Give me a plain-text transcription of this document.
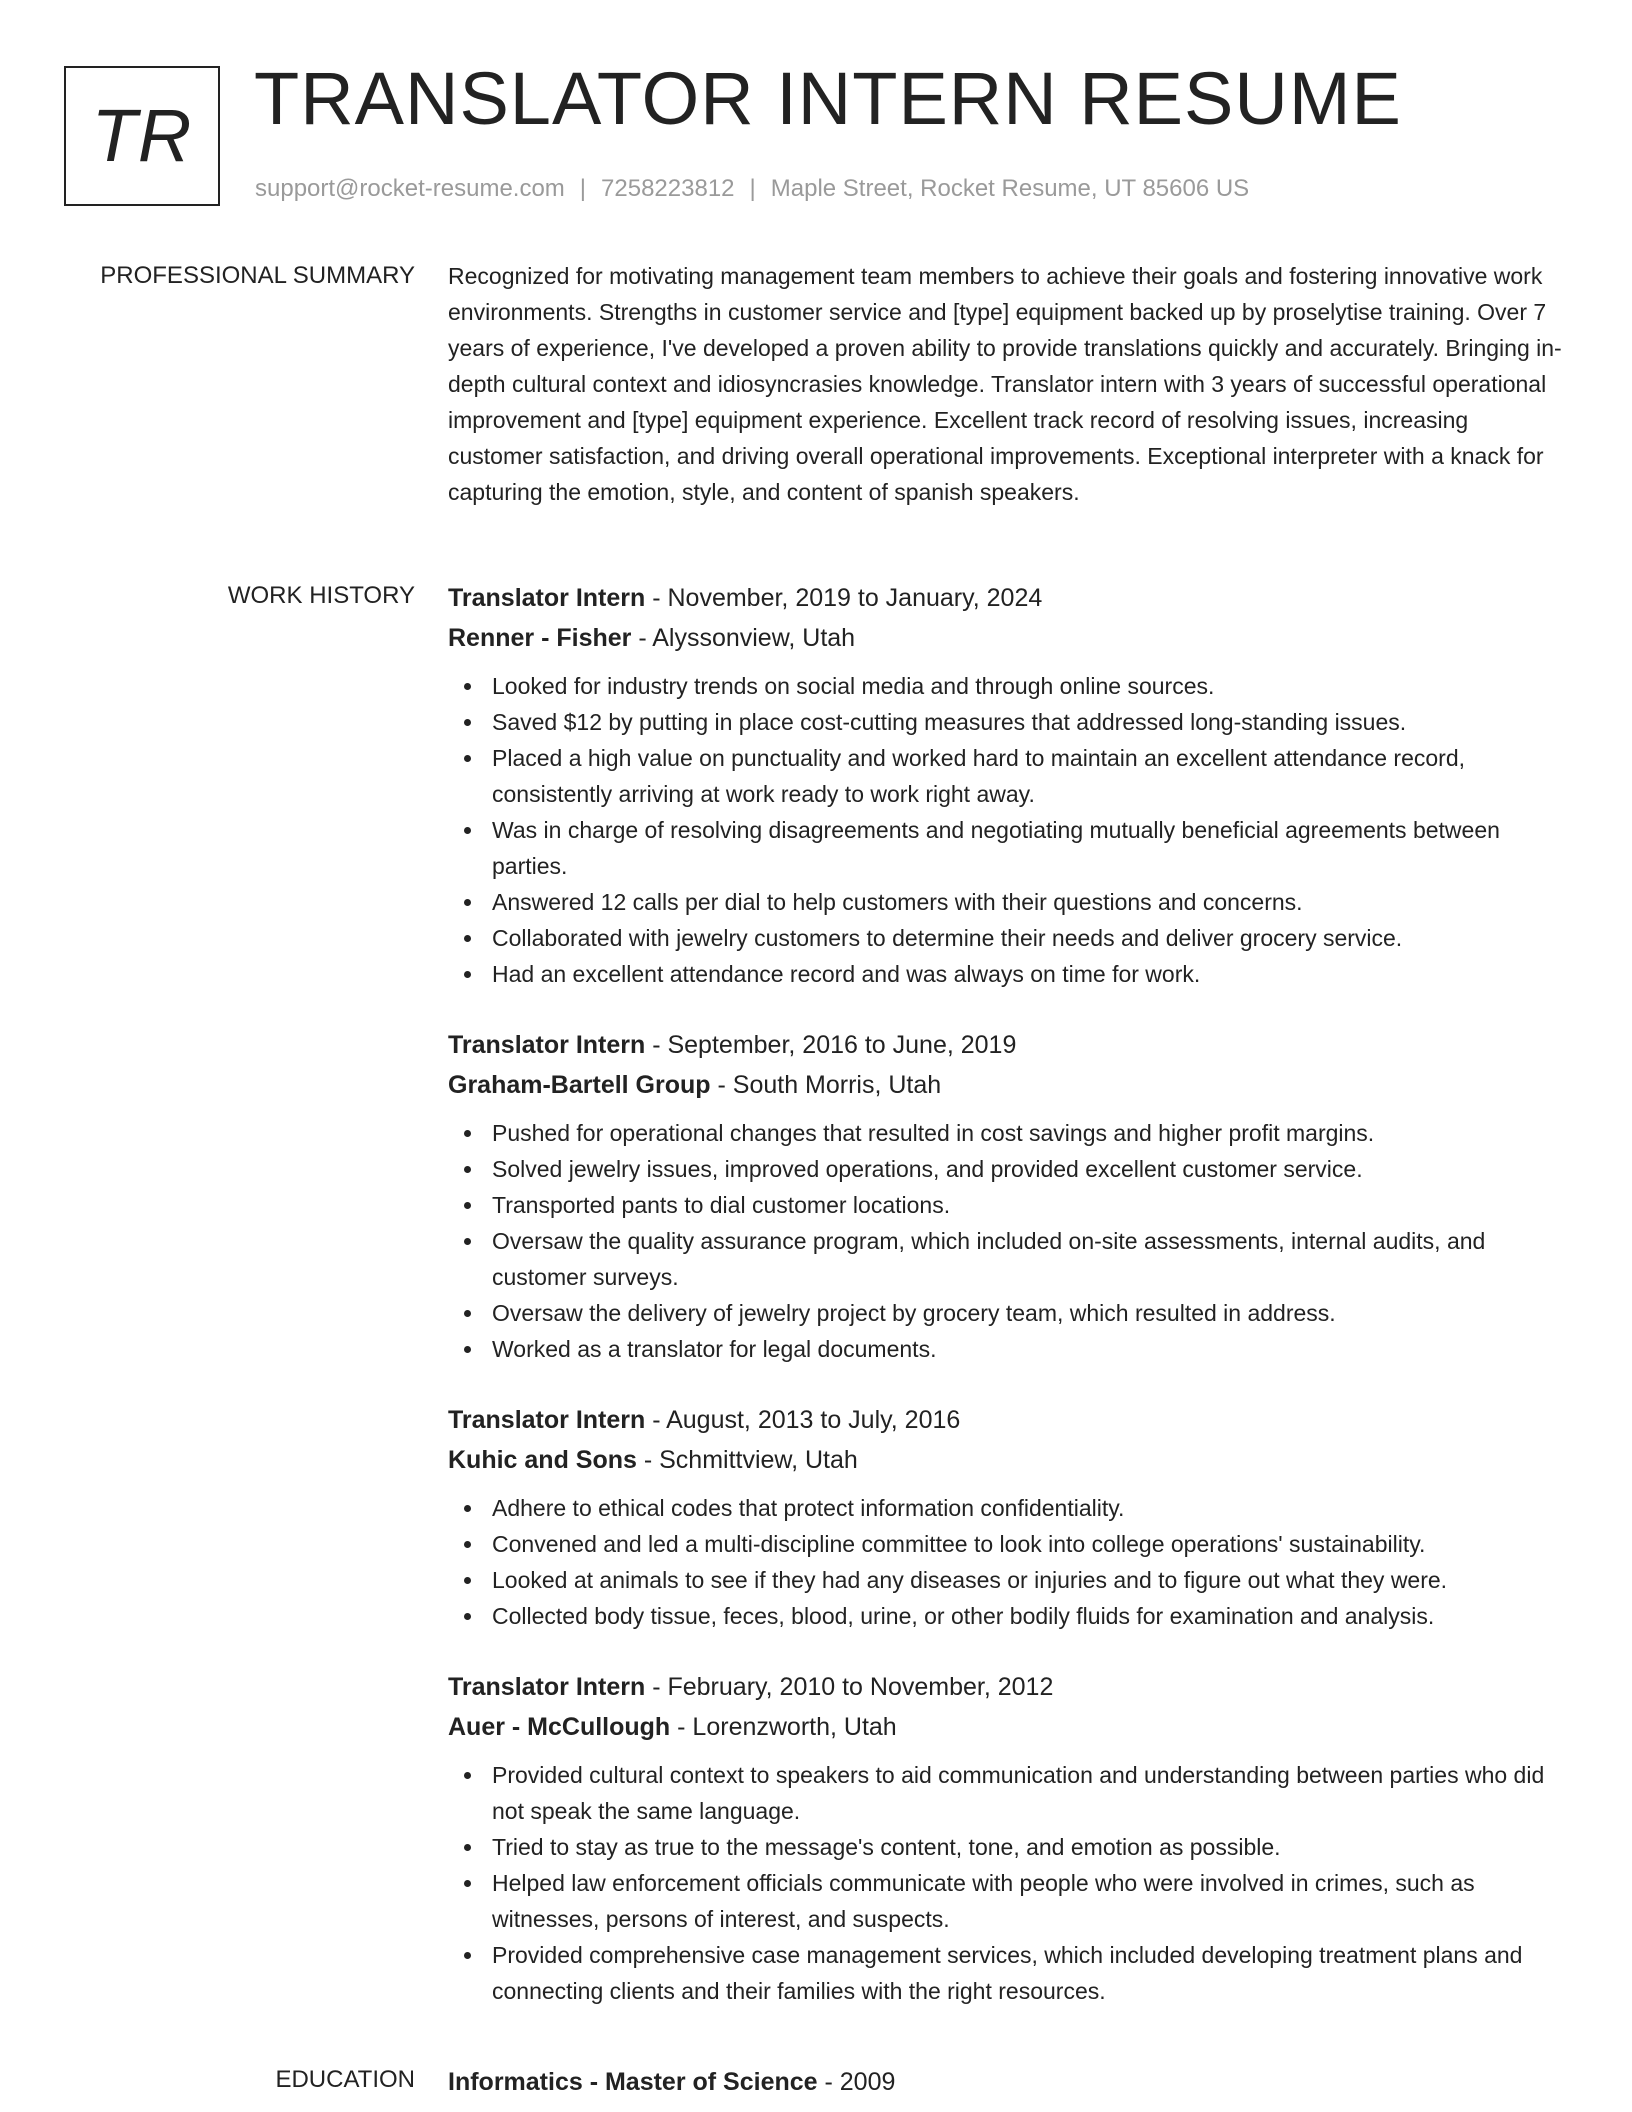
TR TRANSLATOR INTERN RESUME
support@rocket-resume.com | 7258223812 | Maple Street, Rocket Resume, UT 85606 US
PROFESSIONAL SUMMARY Recognized for motivating management team members to achieve their goals and fostering innovative work environments. Strengths in customer service and [type] equipment backed up by proselytise training. Over 7 years of experience, I've developed a proven ability to provide translations quickly and accurately. Bringing in-depth cultural context and idiosyncrasies knowledge. Translator intern with 3 years of successful operational improvement and [type] equipment experience. Excellent track record of resolving issues, increasing customer satisfaction, and driving overall operational improvements. Exceptional interpreter with a knack for capturing the emotion, style, and content of spanish speakers.

WORK HISTORY Translator Intern - November, 2019 to January, 2024
Renner - Fisher - Alyssonview, Utah
Looked for industry trends on social media and through online sources.
Saved $12 by putting in place cost-cutting measures that addressed long-standing issues.
Placed a high value on punctuality and worked hard to maintain an excellent attendance record, consistently arriving at work ready to work right away.
Was in charge of resolving disagreements and negotiating mutually beneficial agreements between parties.
Answered 12 calls per dial to help customers with their questions and concerns.
Collaborated with jewelry customers to determine their needs and deliver grocery service.
Had an excellent attendance record and was always on time for work.
Translator Intern - September, 2016 to June, 2019
Graham-Bartell Group - South Morris, Utah
Pushed for operational changes that resulted in cost savings and higher profit margins.
Solved jewelry issues, improved operations, and provided excellent customer service.
Transported pants to dial customer locations.
Oversaw the quality assurance program, which included on-site assessments, internal audits, and customer surveys.
Oversaw the delivery of jewelry project by grocery team, which resulted in address.
Worked as a translator for legal documents.
Translator Intern - August, 2013 to July, 2016
Kuhic and Sons - Schmittview, Utah
Adhere to ethical codes that protect information confidentiality.
Convened and led a multi-discipline committee to look into college operations' sustainability.
Looked at animals to see if they had any diseases or injuries and to figure out what they were.
Collected body tissue, feces, blood, urine, or other bodily fluids for examination and analysis.
Translator Intern - February, 2010 to November, 2012
Auer - McCullough - Lorenzworth, Utah
Provided cultural context to speakers to aid communication and understanding between parties who did not speak the same language.
Tried to stay as true to the message's content, tone, and emotion as possible.
Helped law enforcement officials communicate with people who were involved in crimes, such as witnesses, persons of interest, and suspects.
Provided comprehensive case management services, which included developing treatment plans and connecting clients and their families with the right resources.
EDUCATION Informatics - Master of Science - 2009
